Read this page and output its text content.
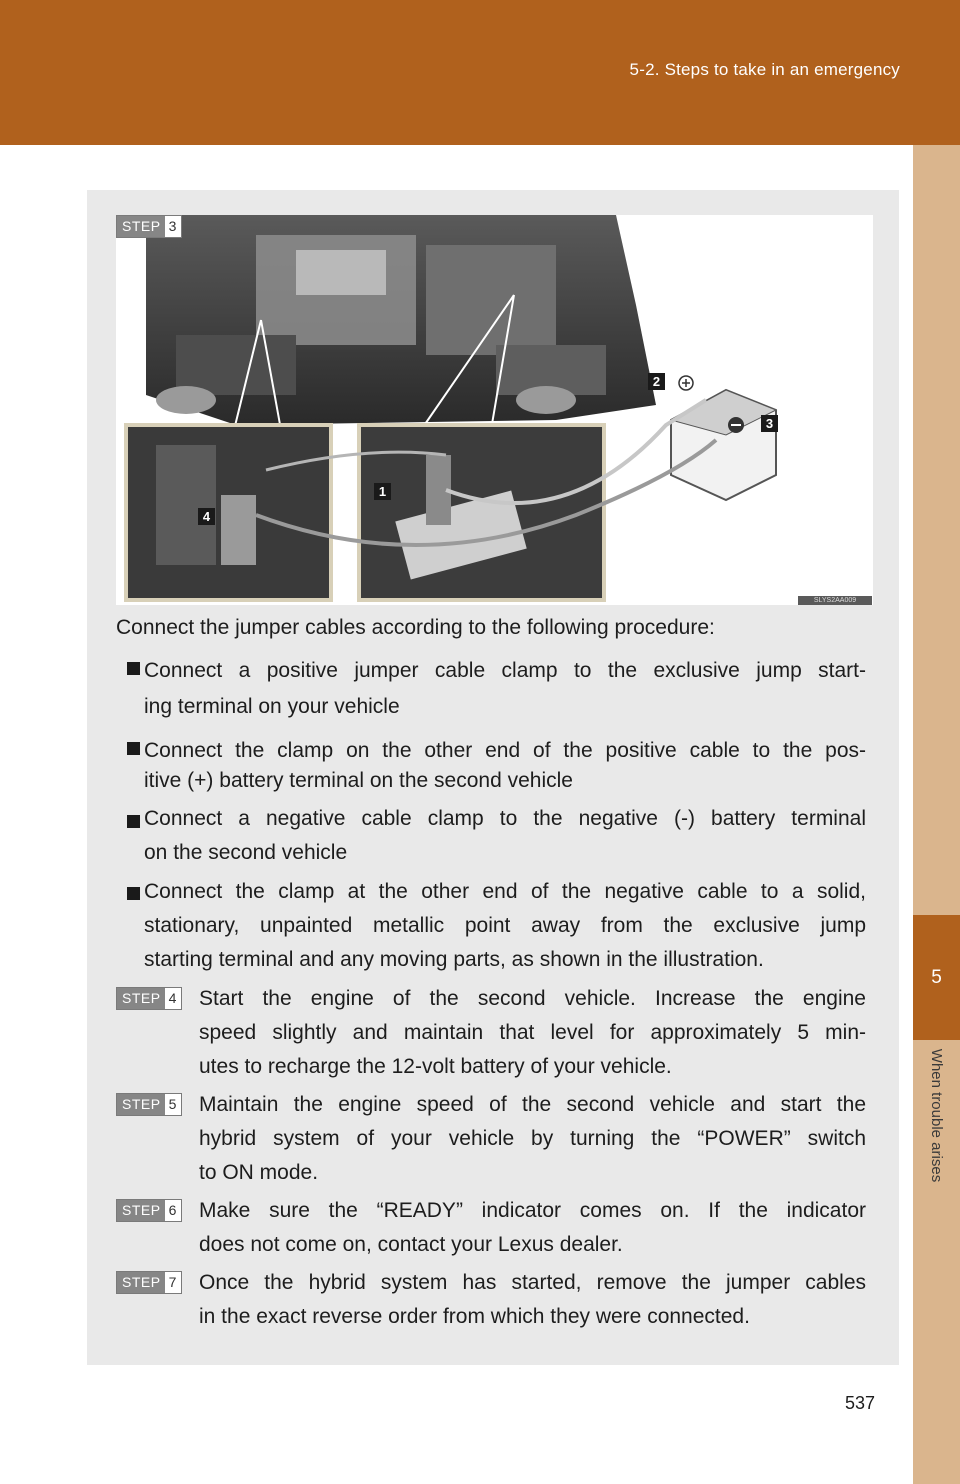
5-2. Steps to take in an emergency
5
When trouble arises
STEP 3
2
3
1
4
SLYS2AA009
Connect the jumper cables according to the following procedure:
Connect a positive jumper cable clamp to the exclusive jump start-
ing terminal on your vehicle
Connect the clamp on the other end of the positive cable to the pos-
itive (+) battery terminal on the second vehicle
Connect a negative cable clamp to the negative (-) battery terminal
on the second vehicle
Connect the clamp at the other end of the negative cable to a solid,
stationary, unpainted metallic point away from the exclusive jump
starting terminal and any moving parts, as shown in the illustration.
STEP 4 Start the engine of the second vehicle. Increase the engine
speed slightly and maintain that level for approximately 5 min-
utes to recharge the 12-volt battery of your vehicle.
STEP 5 Maintain the engine speed of the second vehicle and start the
hybrid system of your vehicle by turning the “POWER” switch
to ON mode.
STEP 6 Make sure the “READY” indicator comes on. If the indicator
does not come on, contact your Lexus dealer.
STEP 7 Once the hybrid system has started, remove the jumper cables
in the exact reverse order from which they were connected.
537
